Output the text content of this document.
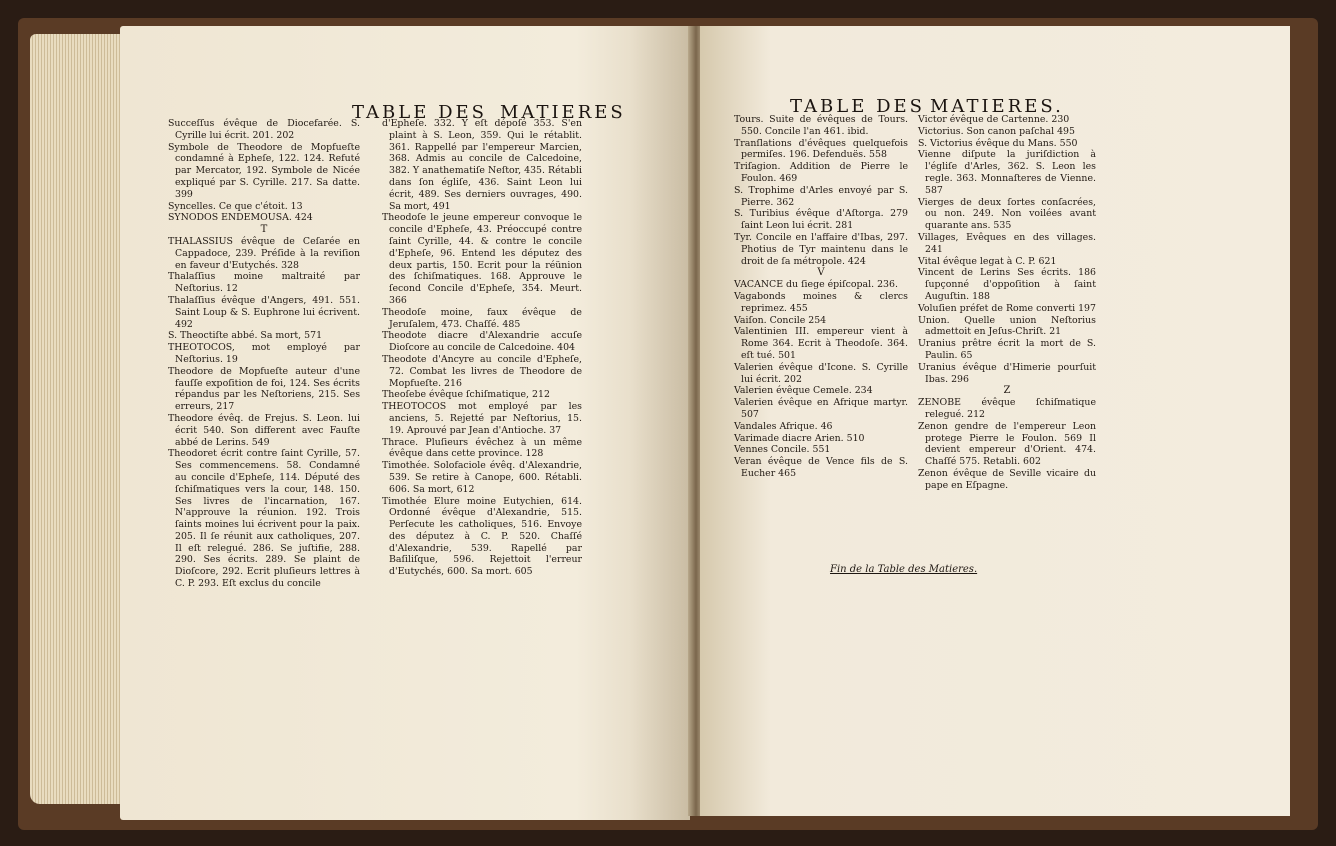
TABLE DES MATIERES

Succeſſus évêque de Diocefarée. S. Cyrille lui écrit. 201. 202

Symbole de Theodore de Mopfueſte condamné à Epheſe, 122. 124. Refuté par Mercator, 192. Symbole de Nicée expliqué par S. Cyrille. 217. Sa datte. 399

Syncelles. Ce que c'étoit. 13

SYNODOS ENDEMOUSA. 424

T

THALASSIUS évêque de Ceſarée en Cappadoce, 239. Préſide à la reviſion en faveur d'Eutychés. 328

Thalaſſius moine maltraité par Neſtorius. 12

Thalaſſius évêque d'Angers, 491. 551. Saint Loup & S. Euphrone lui écrivent. 492

S. Theoctiſte abbé. Sa mort, 571

THEOTOCOS, mot employé par Neſtorius. 19

Theodore de Mopfueſte auteur d'une fauſſe expoſition de foi, 124. Ses écrits répandus par les Neſtoriens, 215. Ses erreurs, 217

Theodore évêq. de Frejus. S. Leon. lui écrit 540. Son different avec Fauſte abbé de Lerins. 549

Theodoret écrit contre ſaint Cyrille, 57. Ses commencemens. 58. Condamné au concile d'Epheſe, 114. Député des ſchiſmatiques vers la cour, 148. 150. Ses livres de l'incarnation, 167. N'approuve la réunion. 192. Trois ſaints moines lui écrivent pour la paix. 205. Il ſe réunit aux catholiques, 207. Il eſt relegué. 286. Se juſtifie, 288. 290. Ses écrits. 289. Se plaint de Dioſcore, 292. Ecrit pluſieurs lettres à C. P. 293. Eſt exclus du concile

d'Epheſe. 332. Y eſt dépoſé 353. S'en plaint à S. Leon, 359. Qui le rétablit. 361. Rappellé par l'empereur Marcien, 368. Admis au concile de Calcedoine, 382. Y anathematiſe Neſtor, 435. Rétabli dans ſon égliſe, 436. Saint Leon lui écrit, 489. Ses derniers ouvrages, 490. Sa mort, 491

Theodoſe le jeune empereur convoque le concile d'Epheſe, 43. Préoccupé contre ſaint Cyrille, 44. & contre le concile d'Epheſe, 96. Entend les députez des deux partis, 150. Ecrit pour la réünion des ſchiſmatiques. 168. Approuve le ſecond Concile d'Epheſe, 354. Meurt. 366

Theodoſe moine, faux évêque de Jeruſalem, 473. Chaſſé. 485

Theodote diacre d'Alexandrie accuſe Dioſcore au concile de Calcedoine. 404

Theodote d'Ancyre au concile d'Epheſe, 72. Combat les livres de Theodore de Mopfueſte. 216

Theoſebe évêque ſchiſmatique, 212

THEOTOCOS mot employé par les anciens, 5. Rejetté par Neſtorius, 15. 19. Aprouvé par Jean d'Antioche. 37

Thrace. Pluſieurs évêchez à un même évêque dans cette province. 128

Timothée. Solofaciole évêq. d'Alexandrie, 539. Se retire à Canope, 600. Rétabli. 606. Sa mort, 612

Timothée Elure moine Eutychien, 614. Ordonné évêque d'Alexandrie, 515. Perſecute les catholiques, 516. Envoye des députez à C. P. 520. Chaſſé d'Alexandrie, 539. Rapellé par Baſiliſque, 596. Rejettoit l'erreur d'Eutychés, 600. Sa mort. 605

TABLE DES MATIERES.

Tours. Suite de évêques de Tours. 550. Concile l'an 461. ibid.

Tranſlations d'évêques quelquefois permiſes. 196. Defenduës. 558

Triſagion. Addition de Pierre le Foulon. 469

S. Trophime d'Arles envoyé par S. Pierre. 362

S. Turibius évêque d'Aſtorga. 279 ſaint Leon lui écrit. 281

Tyr. Concile en l'affaire d'Ibas, 297. Photius de Tyr maintenu dans le droit de ſa métropole. 424

V

VACANCE du ſiege épiſcopal. 236.

Vagabonds moines & clercs reprimez. 455

Vaiſon. Concile 254

Valentinien III. empereur vient à Rome 364. Ecrit à Theodoſe. 364. eſt tué. 501

Valerien évêque d'Icone. S. Cyrille lui écrit. 202

Valerien évêque Cemele. 234

Valerien évêque en Afrique martyr. 507

Vandales Afrique. 46

Varimade diacre Arien. 510

Vennes Concile. 551

Veran évêque de Vence fils de S. Eucher 465

Victor évêque de Cartenne. 230

Victorius. Son canon paſchal 495

S. Victorius évêque du Mans. 550

Vienne diſpute la juriſdiction à l'égliſe d'Arles, 362. S. Leon les regle. 363. Monnaſteres de Vienne. 587

Vierges de deux ſortes conſacrées, ou non. 249. Non voilées avant quarante ans. 535

Villages, Evêques en des villages. 241

Vital évêque legat à C. P. 621

Vincent de Lerins Ses écrits. 186 ſupçonné d'oppoſition à ſaint Auguſtin. 188

Voluſien préfet de Rome converti 197

Union. Quelle union Neſtorius admettoit en Jeſus-Chriſt. 21

Uranius prêtre écrit la mort de S. Paulin. 65

Uranius évêque d'Himerie pourſuit Ibas. 296

Z

ZENOBE évêque ſchiſmatique relegué. 212

Zenon gendre de l'empereur Leon protege Pierre le Foulon. 569 Il devient empereur d'Orient. 474. Chaſſé 575. Retabli. 602

Zenon évêque de Seville vicaire du pape en Eſpagne.

Fin de la Table des Matieres.
